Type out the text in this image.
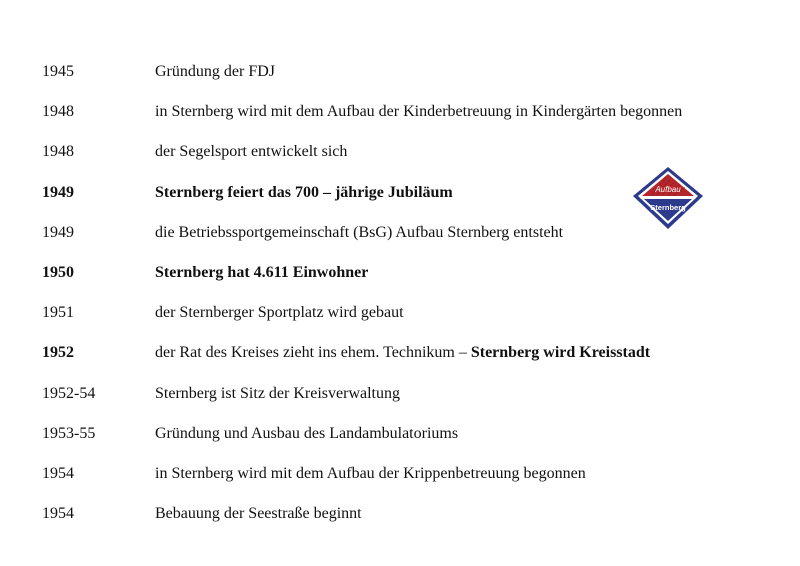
1945	Gründung der FDJ
1948	in Sternberg wird mit dem Aufbau der Kinderbetreuung in Kindergärten begonnen
1948	der Segelsport entwickelt sich
1949	Sternberg feiert das 700 – jährige Jubiläum
1949	die Betriebssportgemeinschaft (BsG) Aufbau Sternberg entsteht
1950	Sternberg hat 4.611 Einwohner
1951	der Sternberger Sportplatz wird gebaut
1952	der Rat des Kreises zieht ins ehem. Technikum – Sternberg wird Kreisstadt
1952-54	Sternberg ist Sitz der Kreisverwaltung
1953-55	Gründung und Ausbau des Landambulatoriums
1954	in Sternberg wird mit dem Aufbau der Krippenbetreuung begonnen
1954	Bebauung der Seestraße beginnt
Aufbau
Sternberg
